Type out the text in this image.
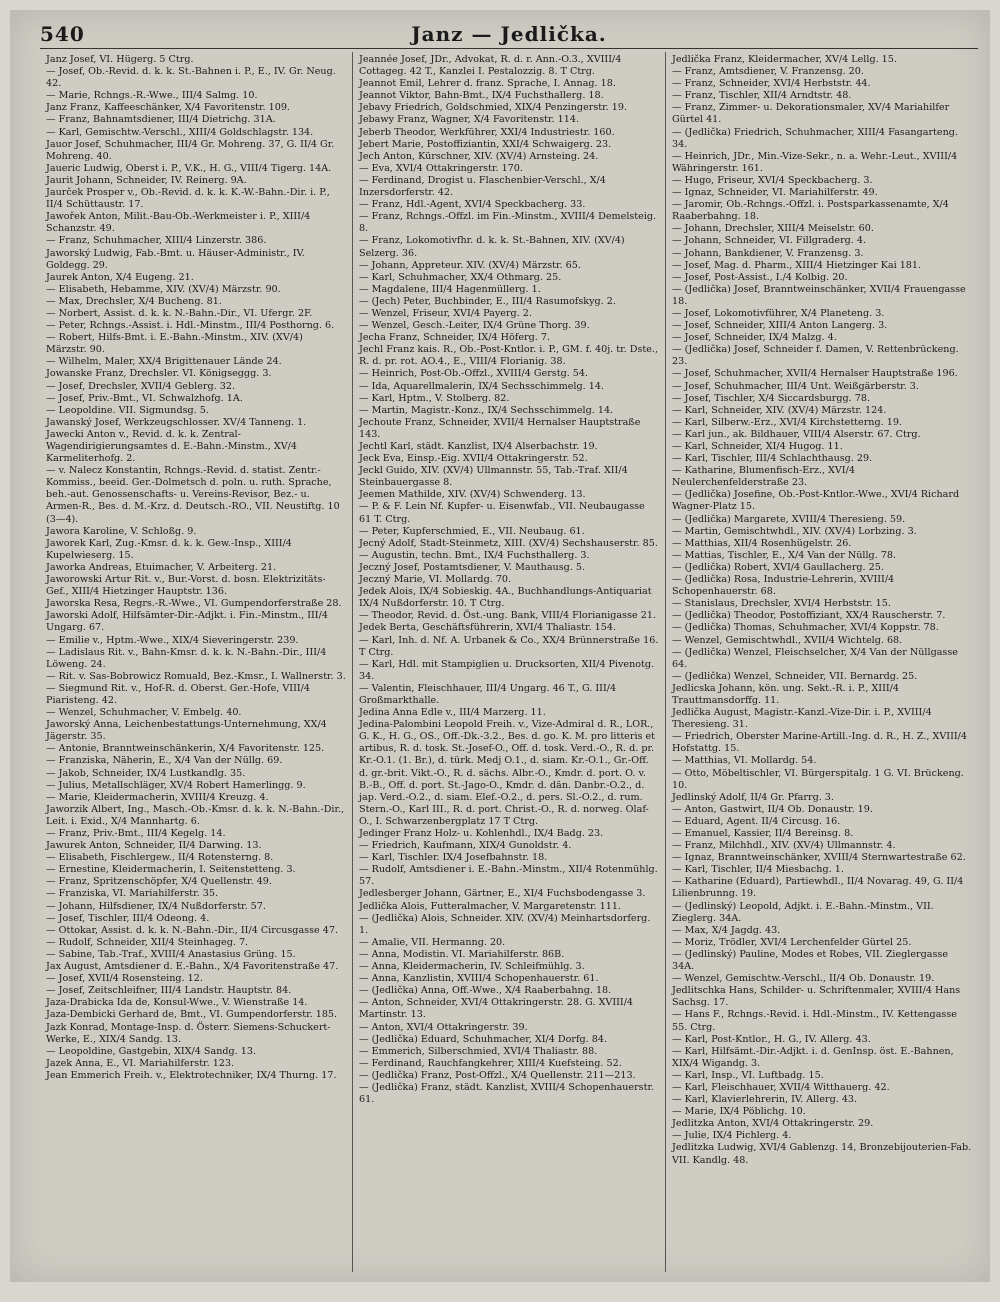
540	Janz — Jedlička.

Janz Josef, VI. Hügerg. 5 Ctrg.

— Josef, Ob.-Revid. d. k. k. St.-Bahnen i. P., E., IV. Gr. Neug. 42.

— Marie, Rchngs.-R.-Wwe., III/4 Salmg. 10.

Janz Franz, Kaffeeschänker, X/4 Favoritenstr. 109.

— Franz, Bahnamtsdiener, III/4 Dietrichg. 31A.

— Karl, Gemischtw.-Verschl., XIII/4 Goldschlagstr. 134.

Jauor Josef, Schuhmacher, III/4 Gr. Mohreng. 37, G. II/4 Gr. Mohreng. 40.

Jaueric Ludwig, Oberst i. P., V.K., H. G., VIII/4 Tigerg. 14A.

Jaurit Johann, Schneider, IV. Reinerg. 9A.

Jaurček Prosper v., Ob.-Revid. d. k. k. K.-W.-Bahn.-Dir. i. P., II/4 Schüttaustr. 17.

Jawořek Anton, Milit.-Bau-Ob.-Werkmeister i. P., XIII/4 Schanzstr. 49.

— Franz, Schuhmacher, XIII/4 Linzerstr. 386.

Jaworský Ludwig, Fab.-Bmt. u. Häuser-Administr., IV. Goldegg. 29.

Jaurek Anton, X/4 Eugeng. 21.

— Elisabeth, Hebamme, XIV. (XV/4) Märzstr. 90.

— Max, Drechsler, X/4 Bucheng. 81.

— Norbert, Assist. d. k. k. N.-Bahn.-Dir., VI. Ufergr. 2F.

— Peter, Rchngs.-Assist. i. Hdl.-Minstm., III/4 Posthorng. 6.

— Robert, Hilfs-Bmt. i. E.-Bahn.-Minstm., XIV. (XV/4) Märzstr. 90.

— Wilhelm, Maler, XX/4 Brigittenauer Lände 24.

Jowanske Franz, Drechsler. VI. Königseggg. 3.

— Josef, Drechsler, XVII/4 Geblerg. 32.

— Josef, Priv.-Bmt., VI. Schwalzhofg. 1A.

— Leopoldine. VII. Sigmundsg. 5.

Jawanský Josef, Werkzeugschlosser. XV/4 Tanneng. 1.

Jawecki Anton v., Revid. d. k. k. Zentral-Wagendirigierungsamtes d. E.-Bahn.-Minstm., XV/4 Karmeliterhofg. 2.

— v. Nalecz Konstantin, Rchngs.-Revid. d. statist. Zentr.-Kommiss., beeid. Ger.-Dolmetsch d. poln. u. ruth. Sprache, beh.-aut. Genossenschafts- u. Vereins-Revisor, Bez.- u. Armen-R., Bes. d. M.-Krz. d. Deutsch.-RO., VII. Neustiftg. 10 (3—4).

Jawora Karoline, V. Schloßg. 9.

Jaworek Karl, Zug.-Kmsr. d. k. k. Gew.-Insp., XIII/4 Kupelwieserg. 15.

Jaworka Andreas, Etuimacher, V. Arbeiterg. 21.

Jaworowski Artur Rit. v., Bur.-Vorst. d. bosn. Elektrizitäts-Gef., XIII/4 Hietzinger Hauptstr. 136.

Jaworska Resa, Regrs.-R.-Wwe., VI. Gumpendorferstraße 28.

Jaworski Adolf, Hilfsämter-Dir.-Adjkt. i. Fin.-Minstm., III/4 Ungarg. 67.

— Emilie v., Hptm.-Wwe., XIX/4 Sieveringerstr. 239.

— Ladislaus Rit. v., Bahn-Kmsr. d. k. k. N.-Bahn.-Dir., III/4 Löweng. 24.

— Rit. v. Sas-Bobrowicz Romuald, Bez.-Kmsr., I. Wallnerstr. 3.

— Siegmund Rit. v., Hof-R. d. Oberst. Ger.-Hofe, VIII/4 Piaristeng. 42.

— Wenzel, Schuhmacher, V. Embelg. 40.

Jaworský Anna, Leichenbestattungs-Unternehmung, XX/4 Jägerstr. 35.

— Antonie, Branntweinschänkerin, X/4 Favoritenstr. 125.

— Franziska, Näherin, E., X/4 Van der Nüllg. 69.

— Jakob, Schneider, IX/4 Lustkandlg. 35.

— Julius, Metallschläger, XV/4 Robert Hamerlingg. 9.

— Marie, Kleidermacherin, XVIII/4 Kreuzg. 4.

Jaworzik Albert, Ing., Masch.-Ob.-Kmsr. d. k. k. N.-Bahn.-Dir., Leit. i. Exid., X/4 Mannhartg. 6.

— Franz, Priv.-Bmt., III/4 Kegelg. 14.

Jawurek Anton, Schneider, II/4 Darwing. 13.

— Elisabeth, Fischlergew., II/4 Rotensterng. 8.

— Ernestine, Kleidermacherin, I. Seitenstetteng. 3.

— Franz, Spritzenschöpfer, X/4 Quellenstr. 49.

— Franziska, VI. Mariahilferstr. 35.

— Johann, Hilfsdiener, IX/4 Nußdorferstr. 57.

— Josef, Tischler, III/4 Odeong. 4.

— Ottokar, Assist. d. k. k. N.-Bahn.-Dir., II/4 Circusgasse 47.

— Rudolf, Schneider, XII/4 Steinhageg. 7.

— Sabine, Tab.-Traf., XVIII/4 Anastasius Grüng. 15.

Jax August, Amtsdiener d. E.-Bahn., X/4 Favoritenstraße 47.

— Josef, XVII/4 Rosensteing. 12.

— Josef, Zeitschleifner, III/4 Landstr. Hauptstr. 84.

Jaza-Drabicka Ida de, Konsul-Wwe., V. Wienstraße 14.

Jaza-Dembicki Gerhard de, Bmt., VI. Gumpendorferstr. 185.

Jazk Konrad, Montage-Insp. d. Österr. Siemens-Schuckert-Werke, E., XIX/4 Sandg. 13.

— Leopoldine, Gastgebin, XIX/4 Sandg. 13.

Jazek Anna, E., VI. Mariahilferstr. 123.

Jean Emmerich Freih. v., Elektrotechniker, IX/4 Thurng. 17.

Jeannée Josef, JDr., Advokat, R. d. r. Ann.-O.3., XVIII/4 Cottageg. 42 T., Kanzlei I. Pestalozzig. 8. T Ctrg.

Jeannot Emil, Lehrer d. franz. Sprache, I. Annag. 18.

Jeannot Viktor, Bahn-Bmt., IX/4 Fuchsthallerg. 18.

Jebavy Friedrich, Goldschmied, XIX/4 Penzingerstr. 19.

Jebawy Franz, Wagner, X/4 Favoritenstr. 114.

Jeberb Theodor, Werkführer, XXI/4 Industriestr. 160.

Jebert Marie, Postoffiziantin, XXI/4 Schwaigerg. 23.

Jech Anton, Kürschner, XIV. (XV/4) Arnsteing. 24.

— Eva, XVI/4 Ottakringerstr. 170.

— Ferdinand, Drogist u. Flaschenbier-Verschl., X/4 Inzersdorferstr. 42.

— Franz, Hdl.-Agent, XVI/4 Speckbacherg. 33.

— Franz, Rchngs.-Offzl. im Fin.-Minstm., XVIII/4 Demelsteig. 8.

— Franz, Lokomotivfhr. d. k. k. St.-Bahnen, XIV. (XV/4) Selzerg. 36.

— Johann, Appreteur. XIV. (XV/4) Märzstr. 65.

— Karl, Schuhmacher, XX/4 Othmarg. 25.

— Magdalene, III/4 Hagenmüllerg. 1.

— (Jech) Peter, Buchbinder, E., III/4 Rasumofskyg. 2.

— Wenzel, Friseur, XVI/4 Payerg. 2.

— Wenzel, Gesch.-Leiter, IX/4 Grüne Thorg. 39.

Jecha Franz, Schneider, IX/4 Höferg. 7.

Jechl Franz kais. R., Ob.-Post-Kntlor. i. P., GM. f. 40j. tr. Dste., R. d. pr. rot. AO.4., E., VIII/4 Florianig. 38.

— Heinrich, Post-Ob.-Offzl., XVIII/4 Gerstg. 54.

— Ida, Aquarellmalerin, IX/4 Sechsschimmelg. 14.

— Karl, Hptm., V. Stolberg. 82.

— Martin, Magistr.-Konz., IX/4 Sechsschimmelg. 14.

Jechoute Franz, Schneider, XVII/4 Hernalser Hauptstraße 143.

Jechtl Karl, städt. Kanzlist, IX/4 Alserbachstr. 19.

Jeck Eva, Einsp.-Eig. XVII/4 Ottakringerstr. 52.

Jeckl Guido, XIV. (XV/4) Ullmannstr. 55, Tab.-Traf. XII/4 Steinbauergasse 8.

Jeemen Mathilde, XIV. (XV/4) Schwenderg. 13.

— P. & F. Lein Nf. Kupfer- u. Eisenwfab., VII. Neubaugasse 61 T. Ctrg.

— Peter, Kupferschmied, E., VII. Neubaug. 61.

Jecný Adolf, Stadt-Steinmetz, XIII. (XV/4) Sechshauserstr. 85.

— Augustin, techn. Bmt., IX/4 Fuchsthallerg. 3.

Jeczný Josef, Postamtsdiener, V. Mauthausg. 5.

Jeczný Marie, VI. Mollardg. 70.

Jedek Alois, IX/4 Sobieskig. 4A., Buchhandlungs-Antiquariat IX/4 Nußdorferstr. 10. T Ctrg.

— Theodor, Revid. d. Öst.-ung. Bank, VIII/4 Florianigasse 21.

Jedek Berta, Geschäftsführerin, XVI/4 Thaliastr. 154.

— Karl, Inh. d. Nf. A. Urbanek & Co., XX/4 Brünnerstraße 16. T Ctrg.

— Karl, Hdl. mit Stampiglien u. Drucksorten, XII/4 Pivenotg. 34.

— Valentin, Fleischhauer, III/4 Ungarg. 46 T., G. III/4 Großmarkthalle.

Jedina Anna Edle v., III/4 Marzerg. 11.

Jedina-Palombini Leopold Freih. v., Vize-Admiral d. R., LOR., G. K., H. G., OS., Off.-Dk.-3.2., Bes. d. go. K. M. pro litteris et artibus, R. d. tosk. St.-Josef-O., Off. d. tosk. Verd.-O., R. d. pr. Kr.-O.1. (1. Br.), d. türk. Medj O.1., d. siam. Kr.-O.1., Gr.-Off. d. gr.-brit. Vikt.-O., R. d. sächs. Albr.-O., Kmdr. d. port. O. v. B.-B., Off. d. port. St.-Jago-O., Kmdr. d. dän. Danbr.-O.2., d. jap. Verd.-O.2., d. siam. Elef.-O.2., d. pers. Sl.-O.2., d. rum. Stern.-O., Karl III., R. d. port. Christ.-O., R. d. norweg. Olaf-O., I. Schwarzenbergplatz 17 T Ctrg.

Jedinger Franz Holz- u. Kohlenhdl., IX/4 Badg. 23.

— Friedrich, Kaufmann, XIX/4 Gunoldstr. 4.

— Karl, Tischler. IX/4 Josefbahnstr. 18.

— Rudolf, Amtsdiener i. E.-Bahn.-Minstm., XII/4 Rotenmühlg. 57.

Jedlesberger Johann, Gärtner, E., XI/4 Fuchsbodengasse 3.

Jedlička Alois, Futteralmacher, V. Margaretenstr. 111.

— (Jedlička) Alois, Schneider. XIV. (XV/4) Meinhartsdorferg. 1.

— Amalie, VII. Hermanng. 20.

— Anna, Modistin. VI. Mariahilferstr. 86B.

— Anna, Kleidermacherin, IV. Schleifmühlg. 3.

— Anna, Kanzlistin, XVIII/4 Schopenhauerstr. 61.

— (Jedlička) Anna, Off.-Wwe., X/4 Raaberbahng. 18.

— Anton, Schneider, XVI/4 Ottakringerstr. 28. G. XVIII/4 Martinstr. 13.

— Anton, XVI/4 Ottakringerstr. 39.

— (Jedlička) Eduard, Schuhmacher, XI/4 Dorfg. 84.

— Emmerich, Silberschmied, XVI/4 Thaliastr. 88.

— Ferdinand, Rauchfangkehrer, XIII/4 Kuefsteing. 52.

— (Jedlička) Franz, Post-Offzl., X/4 Quellenstr. 211—213.

— (Jedlička) Franz, städt. Kanzlist, XVIII/4 Schopenhauerstr. 61.

Jedlička Franz, Kleidermacher, XV/4 Lellg. 15.

— Franz, Amtsdiener, V. Franzensg. 20.

— Franz, Schneider, XVI/4 Herbststr. 44.

— Franz, Tischler, XII/4 Arndtstr. 48.

— Franz, Zimmer- u. Dekorationsmaler, XV/4 Mariahilfer Gürtel 41.

— (Jedlička) Friedrich, Schuhmacher, XIII/4 Fasangarteng. 34.

— Heinrich, JDr., Min.-Vize-Sekr., n. a. Wehr.-Leut., XVIII/4 Währingerstr. 161.

— Hugo, Friseur, XVI/4 Speckbacherg. 3.

— Ignaz, Schneider, VI. Mariahilferstr. 49.

— Jaromir, Ob.-Rchngs.-Offzl. i. Postsparkassenamte, X/4 Raaberbahng. 18.

— Johann, Drechsler, XIII/4 Meiselstr. 60.

— Johann, Schneider, VI. Fillgraderg. 4.

— Johann, Bankdiener, V. Franzensg. 3.

— Josef, Mag. d. Pharm., XIII/4 Hietzinger Kai 181.

— Josef, Post-Assist., I./4 Kolbig. 20.

— (Jedlička) Josef, Branntweinschänker, XVII/4 Frauengasse 18.

— Josef, Lokomotivführer, X/4 Planeteng. 3.

— Josef, Schneider, XIII/4 Anton Langerg. 3.

— Josef, Schneider, IX/4 Malzg. 4.

— (Jedlička) Josef, Schneider f. Damen, V. Rettenbrückeng. 23.

— Josef, Schuhmacher, XVII/4 Hernalser Hauptstraße 196.

— Josef, Schuhmacher, III/4 Unt. Weißgärberstr. 3.

— Josef, Tischler, X/4 Siccardsburgg. 78.

— Karl, Schneider, XIV. (XV/4) Märzstr. 124.

— Karl, Silberw.-Erz., XVI/4 Kirchstetterng. 19.

— Karl jun., ak. Bildhauer, VIII/4 Alserstr. 67. Ctrg.

— Karl, Schneider, XI/4 Hugog. 11.

— Karl, Tischler, III/4 Schlachthausg. 29.

— Katharine, Blumenfisch-Erz., XVI/4 Neulerchenfelderstraße 23.

— (Jedlička) Josefine, Ob.-Post-Kntlor.-Wwe., XVI/4 Richard Wagner-Platz 15.

— (Jedlička) Margarete, XVIII/4 Theresieng. 59.

— Martin, Gemischtwhdl., XIV. (XV/4) Lorbzing. 3.

— Matthias, XII/4 Rosenhügelstr. 26.

— Mattias, Tischler, E., X/4 Van der Nüllg. 78.

— (Jedlička) Robert, XVI/4 Gaullacherg. 25.

— (Jedlička) Rosa, Industrie-Lehrerin, XVIII/4 Schopenhauerstr. 68.

— Stanislaus, Drechsler, XVI/4 Herbststr. 15.

— (Jedlička) Theodor, Postoffiziant, XX/4 Rauscherstr. 7.

— (Jedlička) Thomas, Schuhmacher, XVI/4 Koppstr. 78.

— Wenzel, Gemischtwhdl., XVII/4 Wichtelg. 68.

— (Jedlička) Wenzel, Fleischselcher, X/4 Van der Nüllgasse 64.

— (Jedlička) Wenzel, Schneider, VII. Bernardg. 25.

Jedlicska Johann, kön. ung. Sekt.-R. i. P., XIII/4 Trauttmansdorffg. 11.

Jedlička August, Magistr.-Kanzl.-Vize-Dir. i. P., XVIII/4 Theresieng. 31.

— Friedrich, Oberster Marine-Artill.-Ing. d. R., H. Z., XVIII/4 Hofstattg. 15.

— Matthias, VI. Mollardg. 54.

— Otto, Möbeltischler, VI. Bürgerspitalg. 1 G. VI. Brückeng. 10.

Jedlinský Adolf, II/4 Gr. Pfarrg. 3.

— Anton, Gastwirt, II/4 Ob. Donaustr. 19.

— Eduard, Agent. II/4 Circusg. 16.

— Emanuel, Kassier, II/4 Bereinsg. 8.

— Franz, Milchhdl., XIV. (XV/4) Ullmannstr. 4.

— Ignaz, Branntweinschänker, XVIII/4 Sternwartestraße 62.

— Karl, Tischler, II/4 Miesbachg. 1.

— Katharine (Eduard), Partiewhdl., II/4 Novarag. 49, G. II/4 Lilienbrunng. 19.

— (Jedlinský) Leopold, Adjkt. i. E.-Bahn.-Minstm., VII. Zieglerg. 34A.

— Max, X/4 Jagdg. 43.

— Moriz, Trödler, XVI/4 Lerchenfelder Gürtel 25.

— (Jedlinský) Pauline, Modes et Robes, VII. Zieglergasse 34A.

— Wenzel, Gemischtw.-Verschl., II/4 Ob. Donaustr. 19.

Jedlitschka Hans, Schilder- u. Schriftenmaler, XVIII/4 Hans Sachsg. 17.

— Hans F., Rchngs.-Revid. i. Hdl.-Minstm., IV. Kettengasse 55. Ctrg.

— Karl, Post-Kntlor., H. G., IV. Allerg. 43.

— Karl, Hilfsämt.-Dir.-Adjkt. i. d. GenInsp. öst. E.-Bahnen, XIX/4 Wigandg. 3.

— Karl, Insp., VI. Luftbadg. 15.

— Karl, Fleischhauer, XVII/4 Witthauerg. 42.

— Karl, Klavierlehrerin, IV. Allerg. 43.

— Marie, IX/4 Pöblichg. 10.

Jedlitzka Anton, XVI/4 Ottakringerstr. 29.

— Julie, IX/4 Pichlerg. 4.

Jedlitzka Ludwig, XVI/4 Gablenzg. 14, Bronzebijouterien-Fab. VII. Kandlg. 48.
